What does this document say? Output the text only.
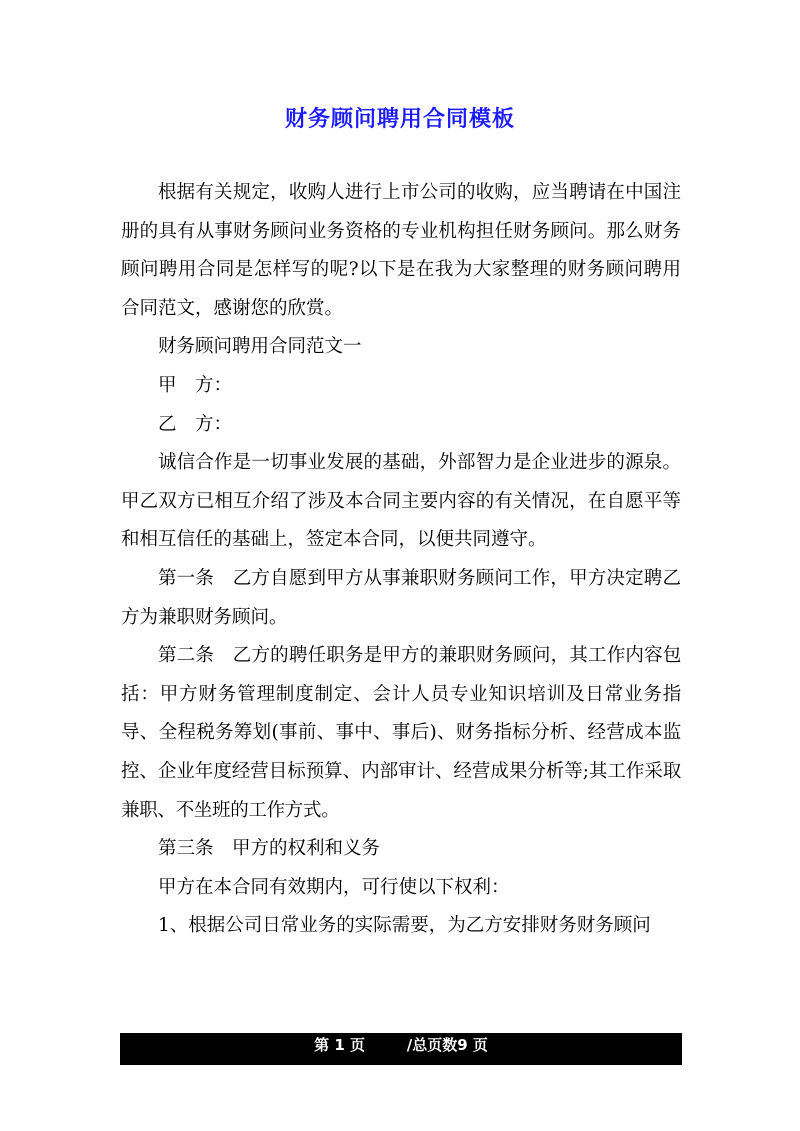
财务顾问聘用合同模板

根据有关规定，收购人进行上市公司的收购，应当聘请在中国注册的具有从事财务顾问业务资格的专业机构担任财务顾问。那么财务顾问聘用合同是怎样写的呢?以下是在我为大家整理的财务顾问聘用合同范文，感谢您的欣赏。

财务顾问聘用合同范文一

甲　方：

乙　方：

诚信合作是一切事业发展的基础，外部智力是企业进步的源泉。甲乙双方已相互介绍了涉及本合同主要内容的有关情况，在自愿平等和相互信任的基础上，签定本合同，以便共同遵守。

第一条　乙方自愿到甲方从事兼职财务顾问工作，甲方决定聘乙方为兼职财务顾问。

第二条　乙方的聘任职务是甲方的兼职财务顾问，其工作内容包括：甲方财务管理制度制定、会计人员专业知识培训及日常业务指导、全程税务筹划(事前、事中、事后)、财务指标分析、经营成本监控、企业年度经营目标预算、内部审计、经营成果分析等;其工作采取兼职、不坐班的工作方式。

第三条　甲方的权利和义务

甲方在本合同有效期内，可行使以下权利：

1、根据公司日常业务的实际需要，为乙方安排财务财务顾问

第 1 页	/总页数9 页
